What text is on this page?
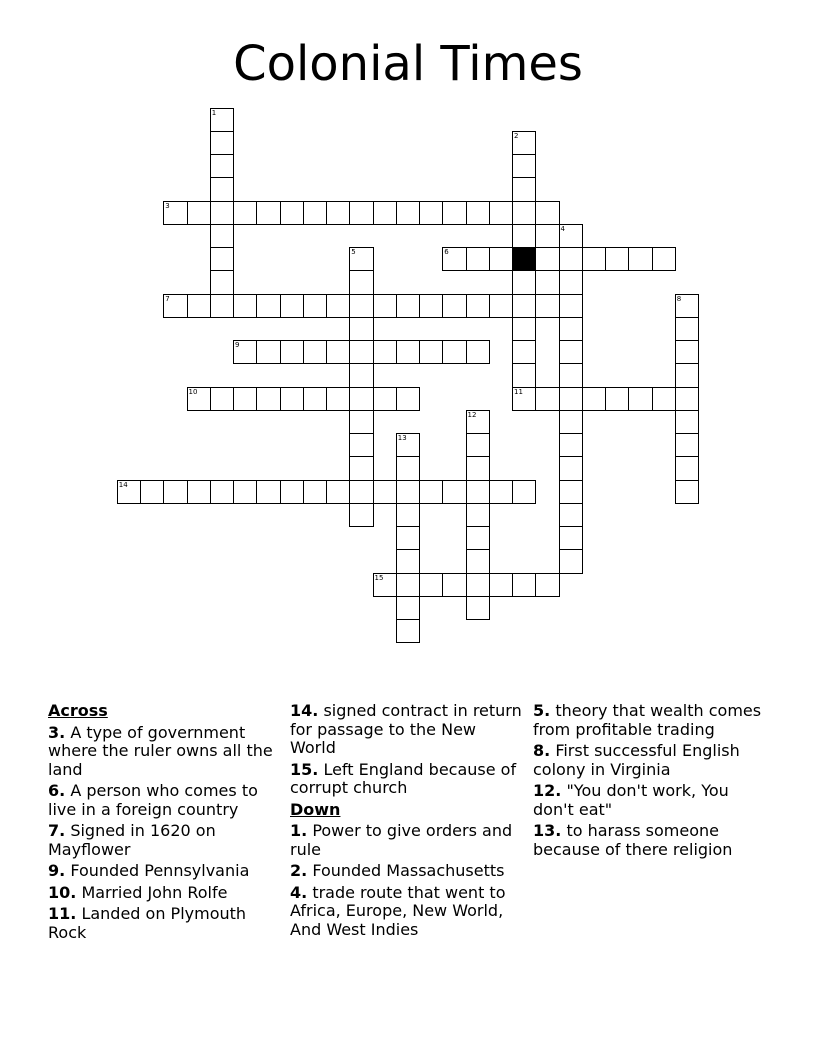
Colonial Times
1
2
3
4
5	6
7	8
9
10	11
12
13
14
15
Across
3. A type of government where the ruler owns all the land
6. A person who comes to live in a foreign country
7. Signed in 1620 on Mayflower
9. Founded Pennsylvania
10. Married John Rolfe
11. Landed on Plymouth Rock
14. signed contract in return for passage to the New World
15. Left England because of corrupt church
Down
1. Power to give orders and rule
2. Founded Massachusetts
4. trade route that went to Africa, Europe, New World, And West Indies
5. theory that wealth comes from profitable trading
8. First successful English colony in Virginia
12. "You don't work, You don't eat"
13. to harass someone because of there religion
